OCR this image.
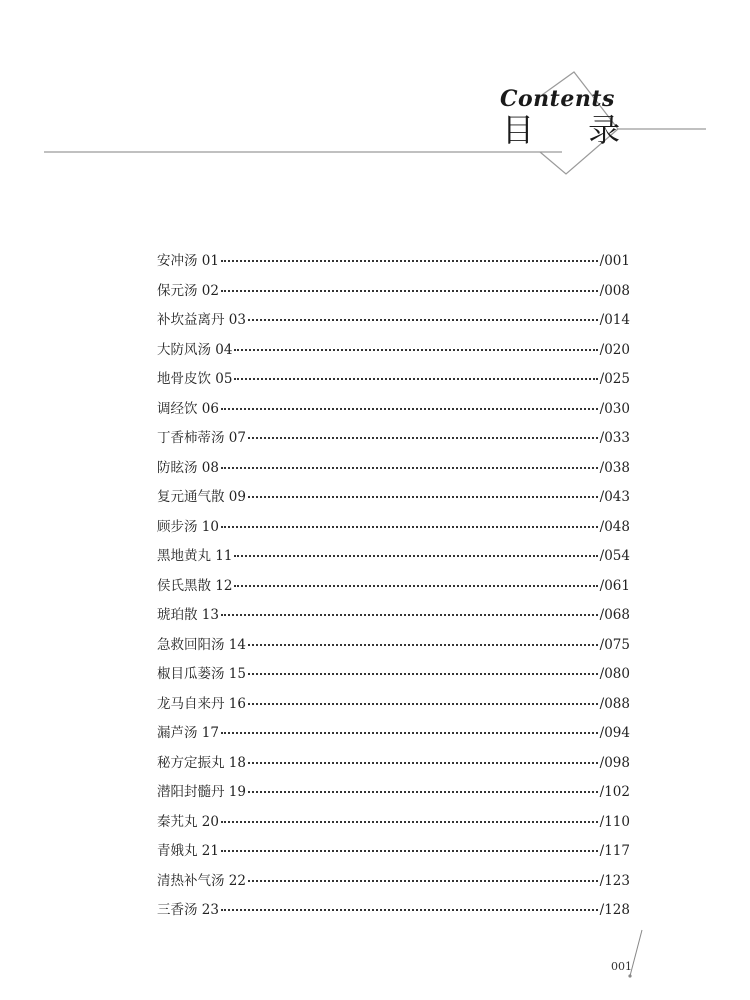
Contents
目 录
安冲汤 01	/001
保元汤 02	/008
补坎益离丹 03	/014
大防风汤 04	/020
地骨皮饮 05	/025
调经饮 06	/030
丁香柿蒂汤 07	/033
防眩汤 08	/038
复元通气散 09	/043
顾步汤 10	/048
黑地黄丸 11	/054
侯氏黑散 12	/061
琥珀散 13	/068
急救回阳汤 14	/075
椒目瓜蒌汤 15	/080
龙马自来丹 16	/088
漏芦汤 17	/094
秘方定振丸 18	/098
潜阳封髓丹 19	/102
秦艽丸 20	/110
青娥丸 21	/117
清热补气汤 22	/123
三香汤 23	/128
001
